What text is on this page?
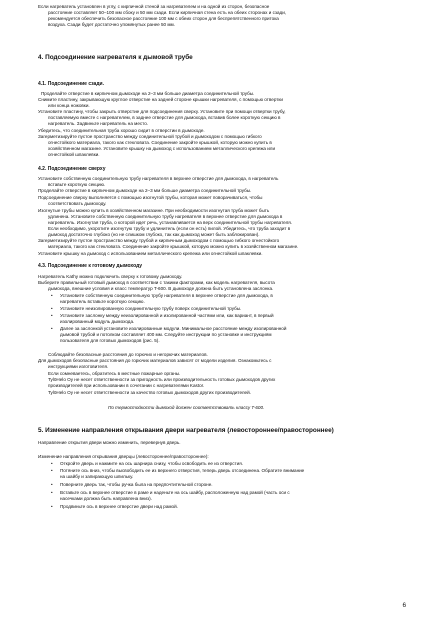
Если нагреватель установлен в углу, с кирпичной стеной за нагревателем и на одной из сторон, безопасное
расстояние составляет 50–100 мм сбоку и 50 мм сзади. Если кирпичная стена есть на обеих сторонах и сзади,
рекомендуется обеспечить безопасное расстояние 100 мм с обеих сторон для беспрепятственного притока
воздуха. Сзади будет достаточно упомянутых ранее 50 мм.
4. Подсоединение нагревателя к дымовой трубе
4.1. Подсоединение сзади.
Проделайте отверстие в кирпичном дымоходе на 2–3 мм больше диаметра соединительной трубы.
Снимите пластину, закрывающую круглое отверстие на задней стороне крышки нагревателя, с помощью отвертки
или конца ножовки.
Установите пластину, чтобы закрыть отверстие для подсоединения сверху. Установите при помощи отвертки трубу,
поставляемую вместе с нагревателем, в заднее отверстие для дымохода, вставив более короткую секцию в
нагреватель. Задвиньте нагреватель на место.
Убедитесь, что соединительная труба хорошо сидит в отверстии в дымоходе.
Загерметизируйте пустое пространство между соединительной трубой и дымоходом с помощью гибкого
огнестойкого материала, такого как стекловата. Соединение закройте крышкой, которую можно купить в
хозяйственном магазине. Установите крышку на дымоход с использованием металлического крепежа или
огнестойкой шпаклевки.
4.2. Подсоединение сверху
Установите собственную соединительную трубу нагревателя в верхнее отверстие для дымохода, в нагреватель
вставьте короткую секцию.
Проделайте отверстие в кирпичном дымоходе на 2–3 мм больше диаметра соединительной трубы.
Подсоединение сверху выполняется с помощью изогнутой трубы, которая может поворачиваться, чтобы
соответствовать дымоходу.
Изогнутые трубы можно купить в хозяйственном магазине. При необходимости изогнутая труба может быть
удлинена. Установите собственную соединительную трубу нагревателя в верхнее отверстие для дымохода в
нагреватель. Изогнутая труба, о которой идет речь, устанавливается на верх соединительной трубы нагревателя.
Если необходимо, укоротите изогнутую трубу и удлинитель (если он есть) пилой. Убедитесь, что труба заходит в
дымоход достаточно глубоко (но не слишком глубоко, так как дымоход может быть заблокирован).
Загерметизируйте пустое пространство между трубой и кирпичным дымоходом с помощью гибкого огнестойкого
материала, такого как стекловата. Соединение закройте крышкой, которую можно купить в хозяйственном магазине.
Установите крышку на дымоход с использованием металлического крепежа или огнестойкой шпаклевки.
4.3. Подсоединение к готовому дымоходу
Нагреватель Kathy можно подключить сверху к готовому дымоходу.
Выберите правильный готовый дымоход в соответствии с такими факторами, как модель нагревателя, высота
дымохода, внешние условия и класс температур T-600. В дымоходе должна быть установлена заслонка.
• Установите собственную соединительную трубу нагревателя в верхнее отверстие для дымохода, в
нагреватель вставьте короткую секцию.
• Установите неизолированную соединительную трубу поверх соединительной трубы.
• Установите заслонку между неизолированной и изолированной частями или, как вариант, в первый
изолированный модуль дымохода.
• Далее за заслонкой установите изолированные модули. Минимальное расстояние между изолированной
дымовой трубой и потолком составляет 400 мм. Следуйте инструкции по установке и инструкциям
пользователя для готовых дымоходов (рис. 5).
Соблюдайте безопасные расстояния до горючих и негорючих материалов.
Для дымоходов безопасные расстояния до горючих материалов зависят от модели изделия. Ознакомьтесь с
инструкциями изготовителя.
Если сомневаетесь, обратитесь в местные пожарные органы.
TylöHelo Oy не несет ответственности за пригодность или производительность готовых дымоходов других
производителей при использовании в сочетании с нагревателями Kastor.
TylöHelo Oy не несет ответственности за качество готовых дымоходов других производителей.
По термостойкости дымоход должен соответствовать классу T-600.
5. Изменение направления открывания двери нагревателя (левостороннее/правостороннее)
Направление открытия двери можно изменить, перевернув дверь.
Изменение направления открывания дверцы (левостороннее/правостороннее):
• Откройте дверь и нажмите на ось шарнира снизу, чтобы освободить ее из отверстия.
• Потяните ось вниз, чтобы высвободить ее из верхнего отверстия, теперь дверь отсоединена. Обратите внимание
на шайбу и запирающую шпильку.
• Поверните дверь так, чтобы ручка была на предпочтительной стороне.
• Вставьте ось в верхнее отверстие в раме и наденьте на ось шайбу, расположенную над рамой (часть оси с
насечками должна быть направлена вниз).
• Продвиньте ось в верхнее отверстие двери над рамой.
6
